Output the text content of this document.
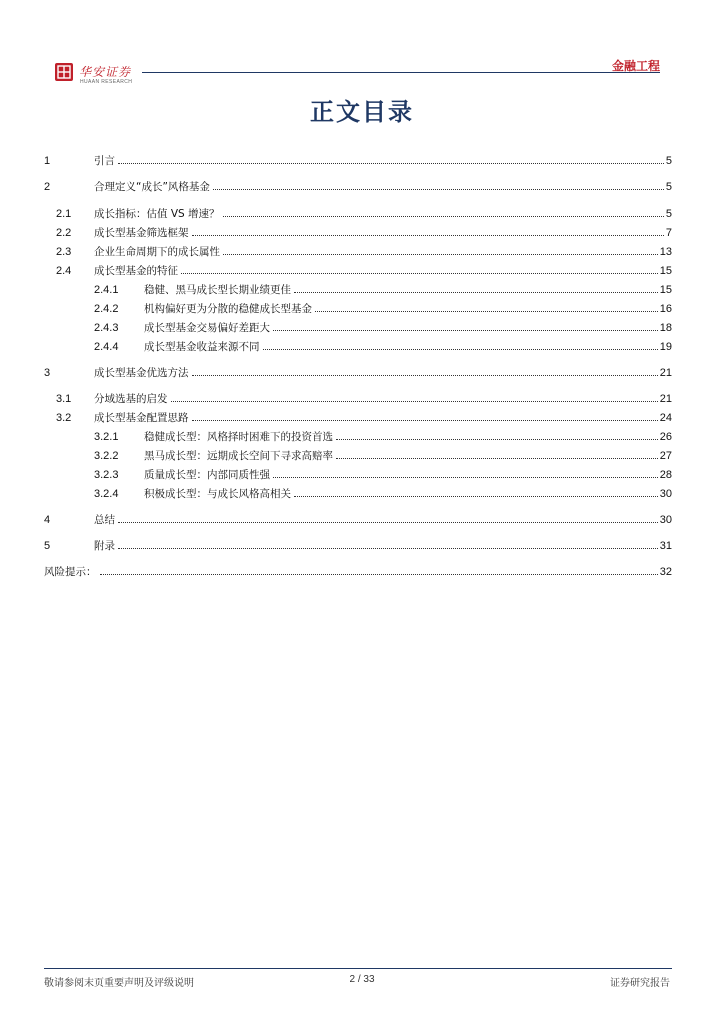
华安证券
HUAAN RESEARCH
金融工程
正文目录
1	引言	5
2	合理定义“成长”风格基金	5
2.1	成长指标：估值 VS 增速？	5
2.2	成长型基金筛选框架	7
2.3	企业生命周期下的成长属性	13
2.4	成长型基金的特征	15
2.4.1	稳健、黑马成长型长期业绩更佳	15
2.4.2	机构偏好更为分散的稳健成长型基金	16
2.4.3	成长型基金交易偏好差距大	18
2.4.4	成长型基金收益来源不同	19
3	成长型基金优选方法	21
3.1	分域选基的启发	21
3.2	成长型基金配置思路	24
3.2.1	稳健成长型：风格择时困难下的投资首选	26
3.2.2	黑马成长型：远期成长空间下寻求高赔率	27
3.2.3	质量成长型：内部同质性强	28
3.2.4	积极成长型：与成长风格高相关	30
4	总结	30
5	附录	31
风险提示：	32
敬请参阅末页重要声明及评级说明	2 / 33	证券研究报告
